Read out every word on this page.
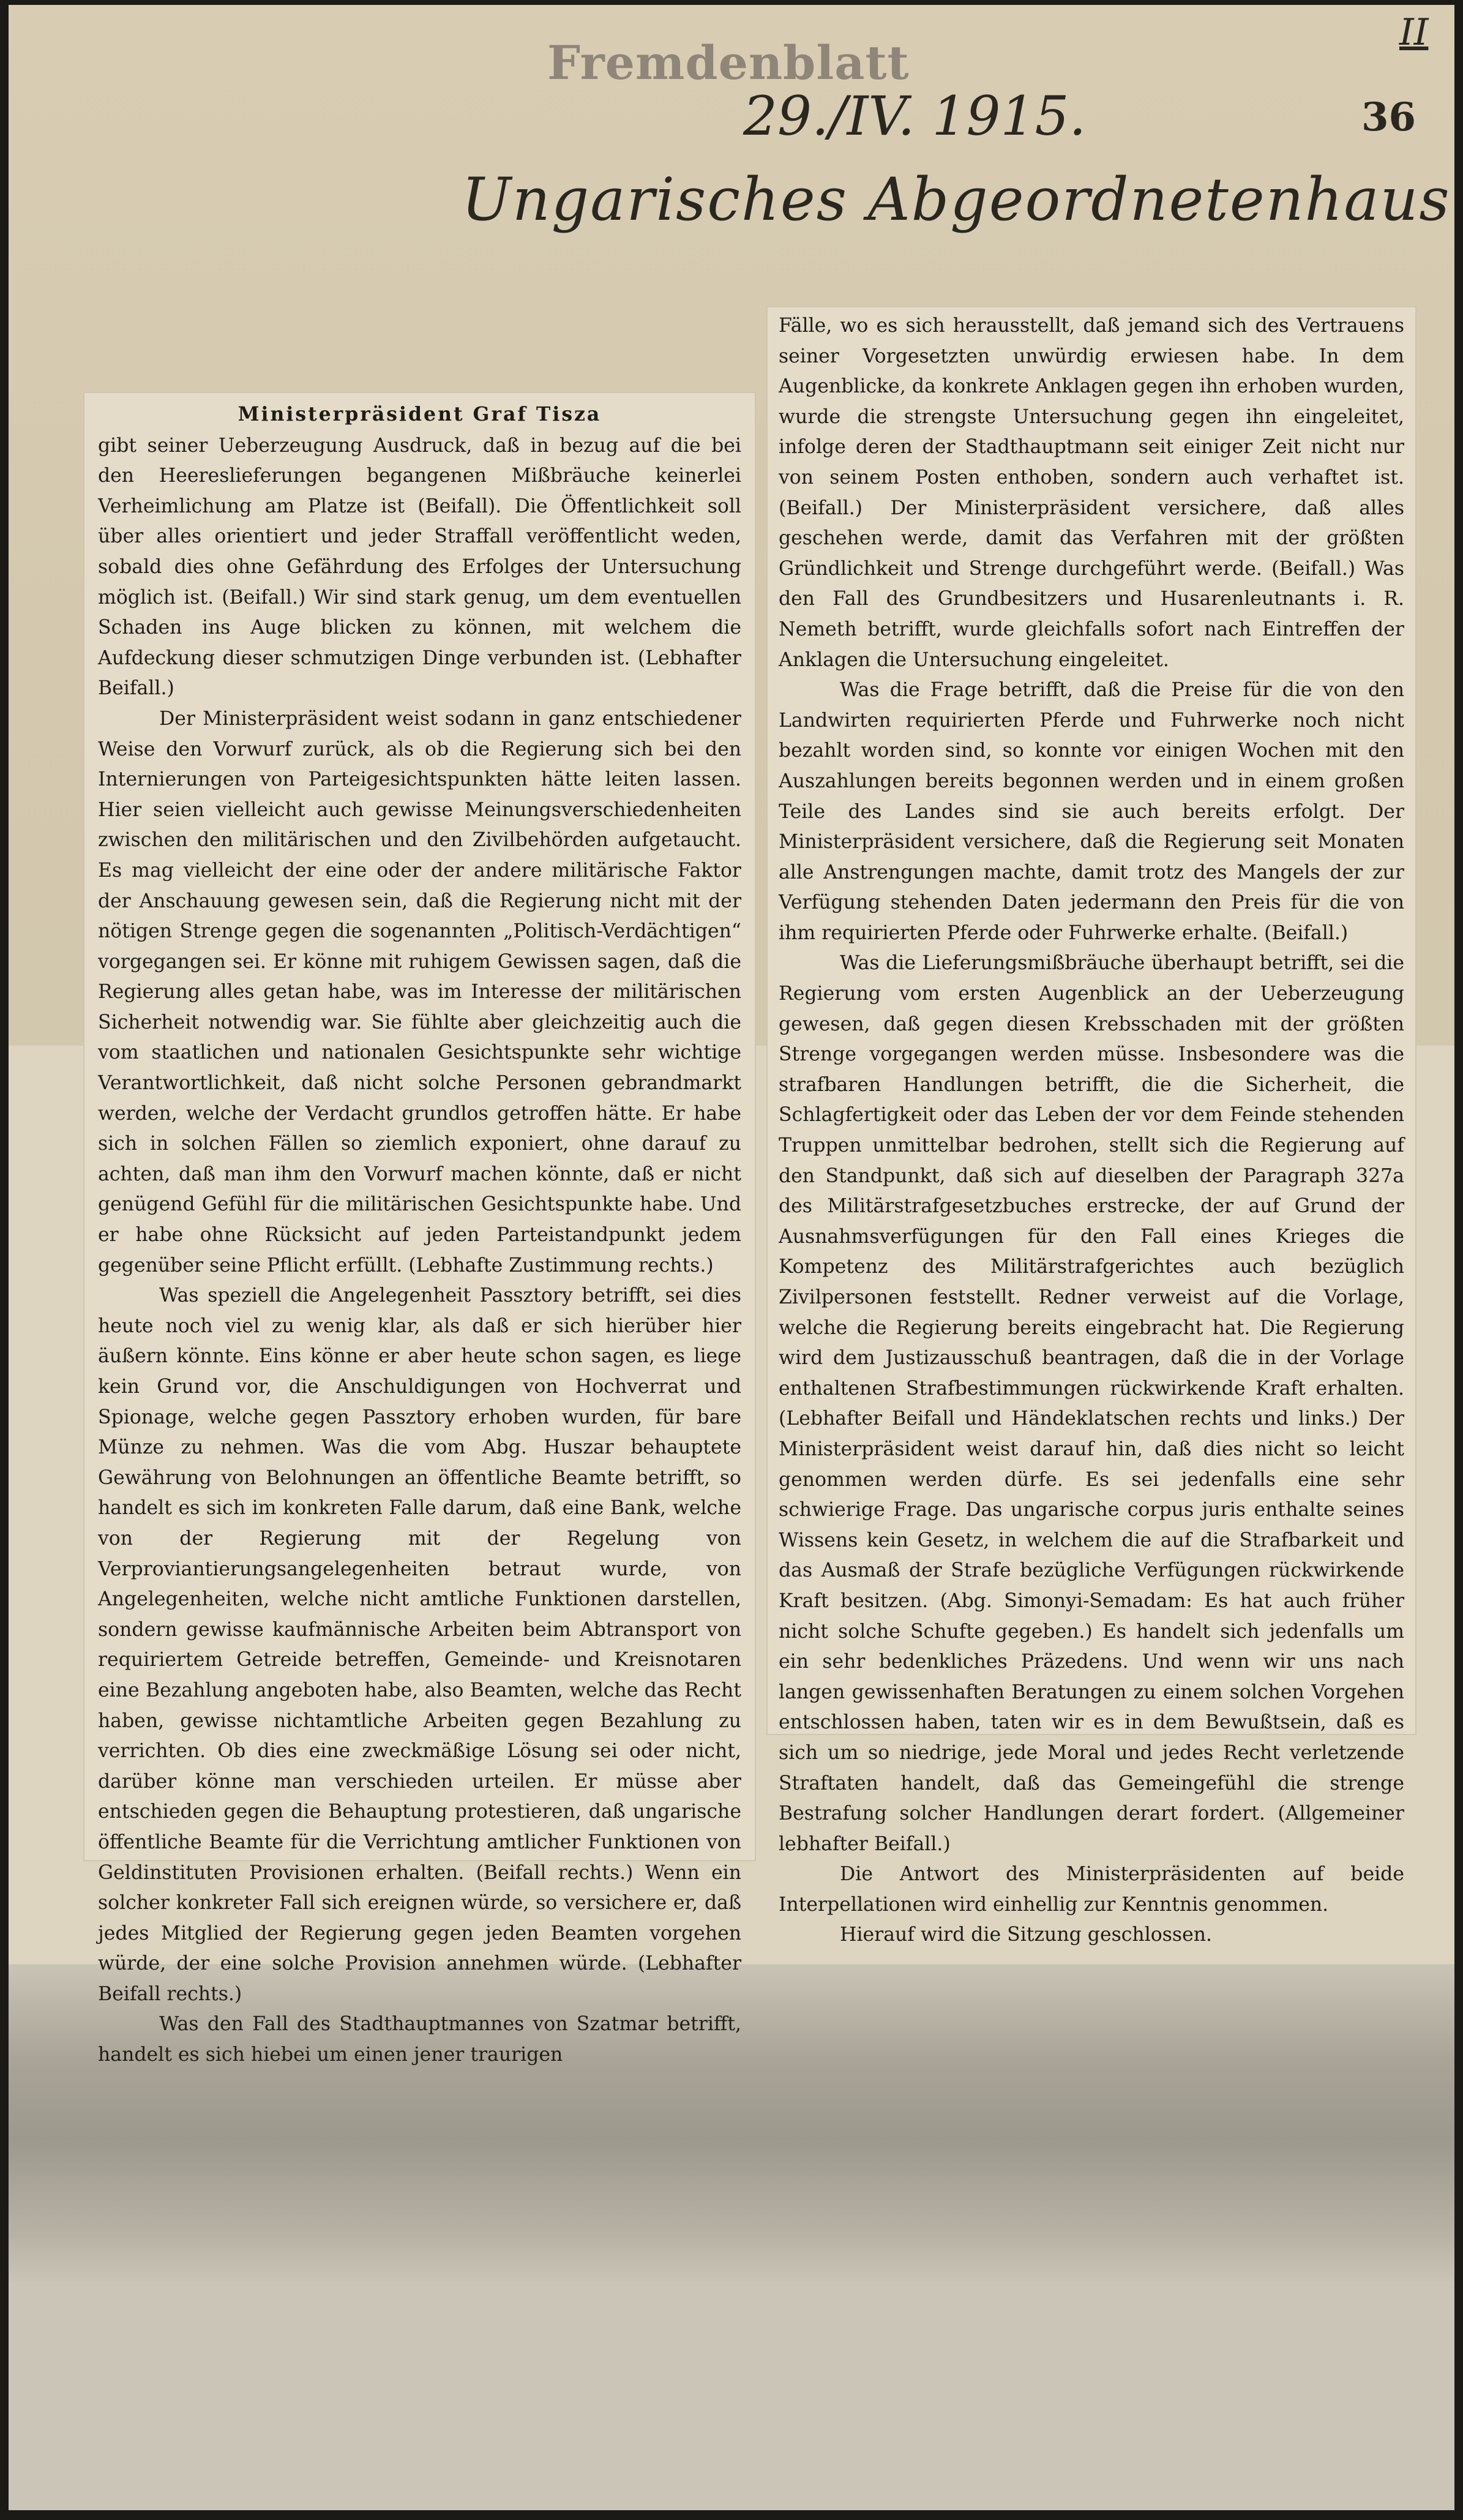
Fremdenblatt
II
29./IV. 1915.	36
Ungarisches Abgeordnetenhaus

Ministerpräsident Graf Tisza

gibt seiner Ueberzeugung Ausdruck, daß in bezug auf die bei den Heereslieferungen begangenen Mißbräuche keinerlei Verheimlichung am Platze ist (Beifall). Die Öffentlichkeit soll über alles orientiert und jeder Straffall veröffentlicht weden, sobald dies ohne Gefährdung des Erfolges der Untersuchung möglich ist. (Beifall.) Wir sind stark genug, um dem eventuellen Schaden ins Auge blicken zu können, mit welchem die Aufdeckung dieser schmutzigen Dinge verbunden ist. (Lebhafter Beifall.)

Der Ministerpräsident weist sodann in ganz entschiedener Weise den Vorwurf zurück, als ob die Regierung sich bei den Internierungen von Parteigesichtspunkten hätte leiten lassen. Hier seien vielleicht auch gewisse Meinungsverschiedenheiten zwischen den militärischen und den Zivilbehörden aufgetaucht. Es mag vielleicht der eine oder der andere militärische Faktor der Anschauung gewesen sein, daß die Regierung nicht mit der nötigen Strenge gegen die sogenannten „Politisch-Verdächtigen“ vorgegangen sei. Er könne mit ruhigem Gewissen sagen, daß die Regierung alles getan habe, was im Interesse der militärischen Sicherheit notwendig war. Sie fühlte aber gleichzeitig auch die vom staatlichen und nationalen Gesichtspunkte sehr wichtige Verantwortlichkeit, daß nicht solche Personen gebrandmarkt werden, welche der Verdacht grundlos getroffen hätte. Er habe sich in solchen Fällen so ziemlich exponiert, ohne darauf zu achten, daß man ihm den Vorwurf machen könnte, daß er nicht genügend Gefühl für die militärischen Gesichtspunkte habe. Und er habe ohne Rücksicht auf jeden Parteistandpunkt jedem gegenüber seine Pflicht erfüllt. (Lebhafte Zustimmung rechts.)

Was speziell die Angelegenheit Passztory betrifft, sei dies heute noch viel zu wenig klar, als daß er sich hierüber hier äußern könnte. Eins könne er aber heute schon sagen, es liege kein Grund vor, die Anschuldigungen von Hochverrat und Spionage, welche gegen Passztory erhoben wurden, für bare Münze zu nehmen. Was die vom Abg. Huszar behauptete Gewährung von Belohnungen an öffentliche Beamte betrifft, so handelt es sich im konkreten Falle darum, daß eine Bank, welche von der Regierung mit der Regelung von Verproviantierungsangelegenheiten betraut wurde, von Angelegenheiten, welche nicht amtliche Funktionen darstellen, sondern gewisse kaufmännische Arbeiten beim Abtransport von requiriertem Getreide betreffen, Gemeinde- und Kreisnotaren eine Bezahlung angeboten habe, also Beamten, welche das Recht haben, gewisse nichtamtliche Arbeiten gegen Bezahlung zu verrichten. Ob dies eine zweckmäßige Lösung sei oder nicht, darüber könne man verschieden urteilen. Er müsse aber entschieden gegen die Behauptung protestieren, daß ungarische öffentliche Beamte für die Verrichtung amtlicher Funktionen von Geldinstituten Provisionen erhalten. (Beifall rechts.) Wenn ein solcher konkreter Fall sich ereignen würde, so versichere er, daß jedes Mitglied der Regierung gegen jeden Beamten vorgehen würde, der eine solche Provision annehmen würde. (Lebhafter Beifall rechts.)

Was den Fall des Stadthauptmannes von Szatmar betrifft, handelt es sich hiebei um einen jener traurigen

Fälle, wo es sich herausstellt, daß jemand sich des Vertrauens seiner Vorgesetzten unwürdig erwiesen habe. In dem Augenblicke, da konkrete Anklagen gegen ihn erhoben wurden, wurde die strengste Untersuchung gegen ihn eingeleitet, infolge deren der Stadthauptmann seit einiger Zeit nicht nur von seinem Posten enthoben, sondern auch verhaftet ist. (Beifall.) Der Ministerpräsident versichere, daß alles geschehen werde, damit das Verfahren mit der größten Gründlichkeit und Strenge durchgeführt werde. (Beifall.) Was den Fall des Grundbesitzers und Husarenleutnants i. R. Nemeth betrifft, wurde gleichfalls sofort nach Eintreffen der Anklagen die Untersuchung eingeleitet.

Was die Frage betrifft, daß die Preise für die von den Landwirten requirierten Pferde und Fuhrwerke noch nicht bezahlt worden sind, so konnte vor einigen Wochen mit den Auszahlungen bereits begonnen werden und in einem großen Teile des Landes sind sie auch bereits erfolgt. Der Ministerpräsident versichere, daß die Regierung seit Monaten alle Anstrengungen machte, damit trotz des Mangels der zur Verfügung stehenden Daten jedermann den Preis für die von ihm requirierten Pferde oder Fuhrwerke erhalte. (Beifall.)

Was die Lieferungsmißbräuche überhaupt betrifft, sei die Regierung vom ersten Augenblick an der Ueberzeugung gewesen, daß gegen diesen Krebsschaden mit der größten Strenge vorgegangen werden müsse. Insbesondere was die strafbaren Handlungen betrifft, die die Sicherheit, die Schlagfertigkeit oder das Leben der vor dem Feinde stehenden Truppen unmittelbar bedrohen, stellt sich die Regierung auf den Standpunkt, daß sich auf dieselben der Paragraph 327a des Militärstrafgesetzbuches erstrecke, der auf Grund der Ausnahmsverfügungen für den Fall eines Krieges die Kompetenz des Militärstrafgerichtes auch bezüglich Zivilpersonen feststellt. Redner verweist auf die Vorlage, welche die Regierung bereits eingebracht hat. Die Regierung wird dem Justizausschuß beantragen, daß die in der Vorlage enthaltenen Strafbestimmungen rückwirkende Kraft erhalten. (Lebhafter Beifall und Händeklatschen rechts und links.) Der Ministerpräsident weist darauf hin, daß dies nicht so leicht genommen werden dürfe. Es sei jedenfalls eine sehr schwierige Frage. Das ungarische corpus juris enthalte seines Wissens kein Gesetz, in welchem die auf die Strafbarkeit und das Ausmaß der Strafe bezügliche Verfügungen rückwirkende Kraft besitzen. (Abg. Simonyi-Semadam: Es hat auch früher nicht solche Schufte gegeben.) Es handelt sich jedenfalls um ein sehr bedenkliches Präzedens. Und wenn wir uns nach langen gewissenhaften Beratungen zu einem solchen Vorgehen entschlossen haben, taten wir es in dem Bewußtsein, daß es sich um so niedrige, jede Moral und jedes Recht verletzende Straftaten handelt, daß das Gemeingefühl die strenge Bestrafung solcher Handlungen derart fordert. (Allgemeiner lebhafter Beifall.)

Die Antwort des Ministerpräsidenten auf beide Interpellationen wird einhellig zur Kenntnis genommen.

Hierauf wird die Sitzung geschlossen.
